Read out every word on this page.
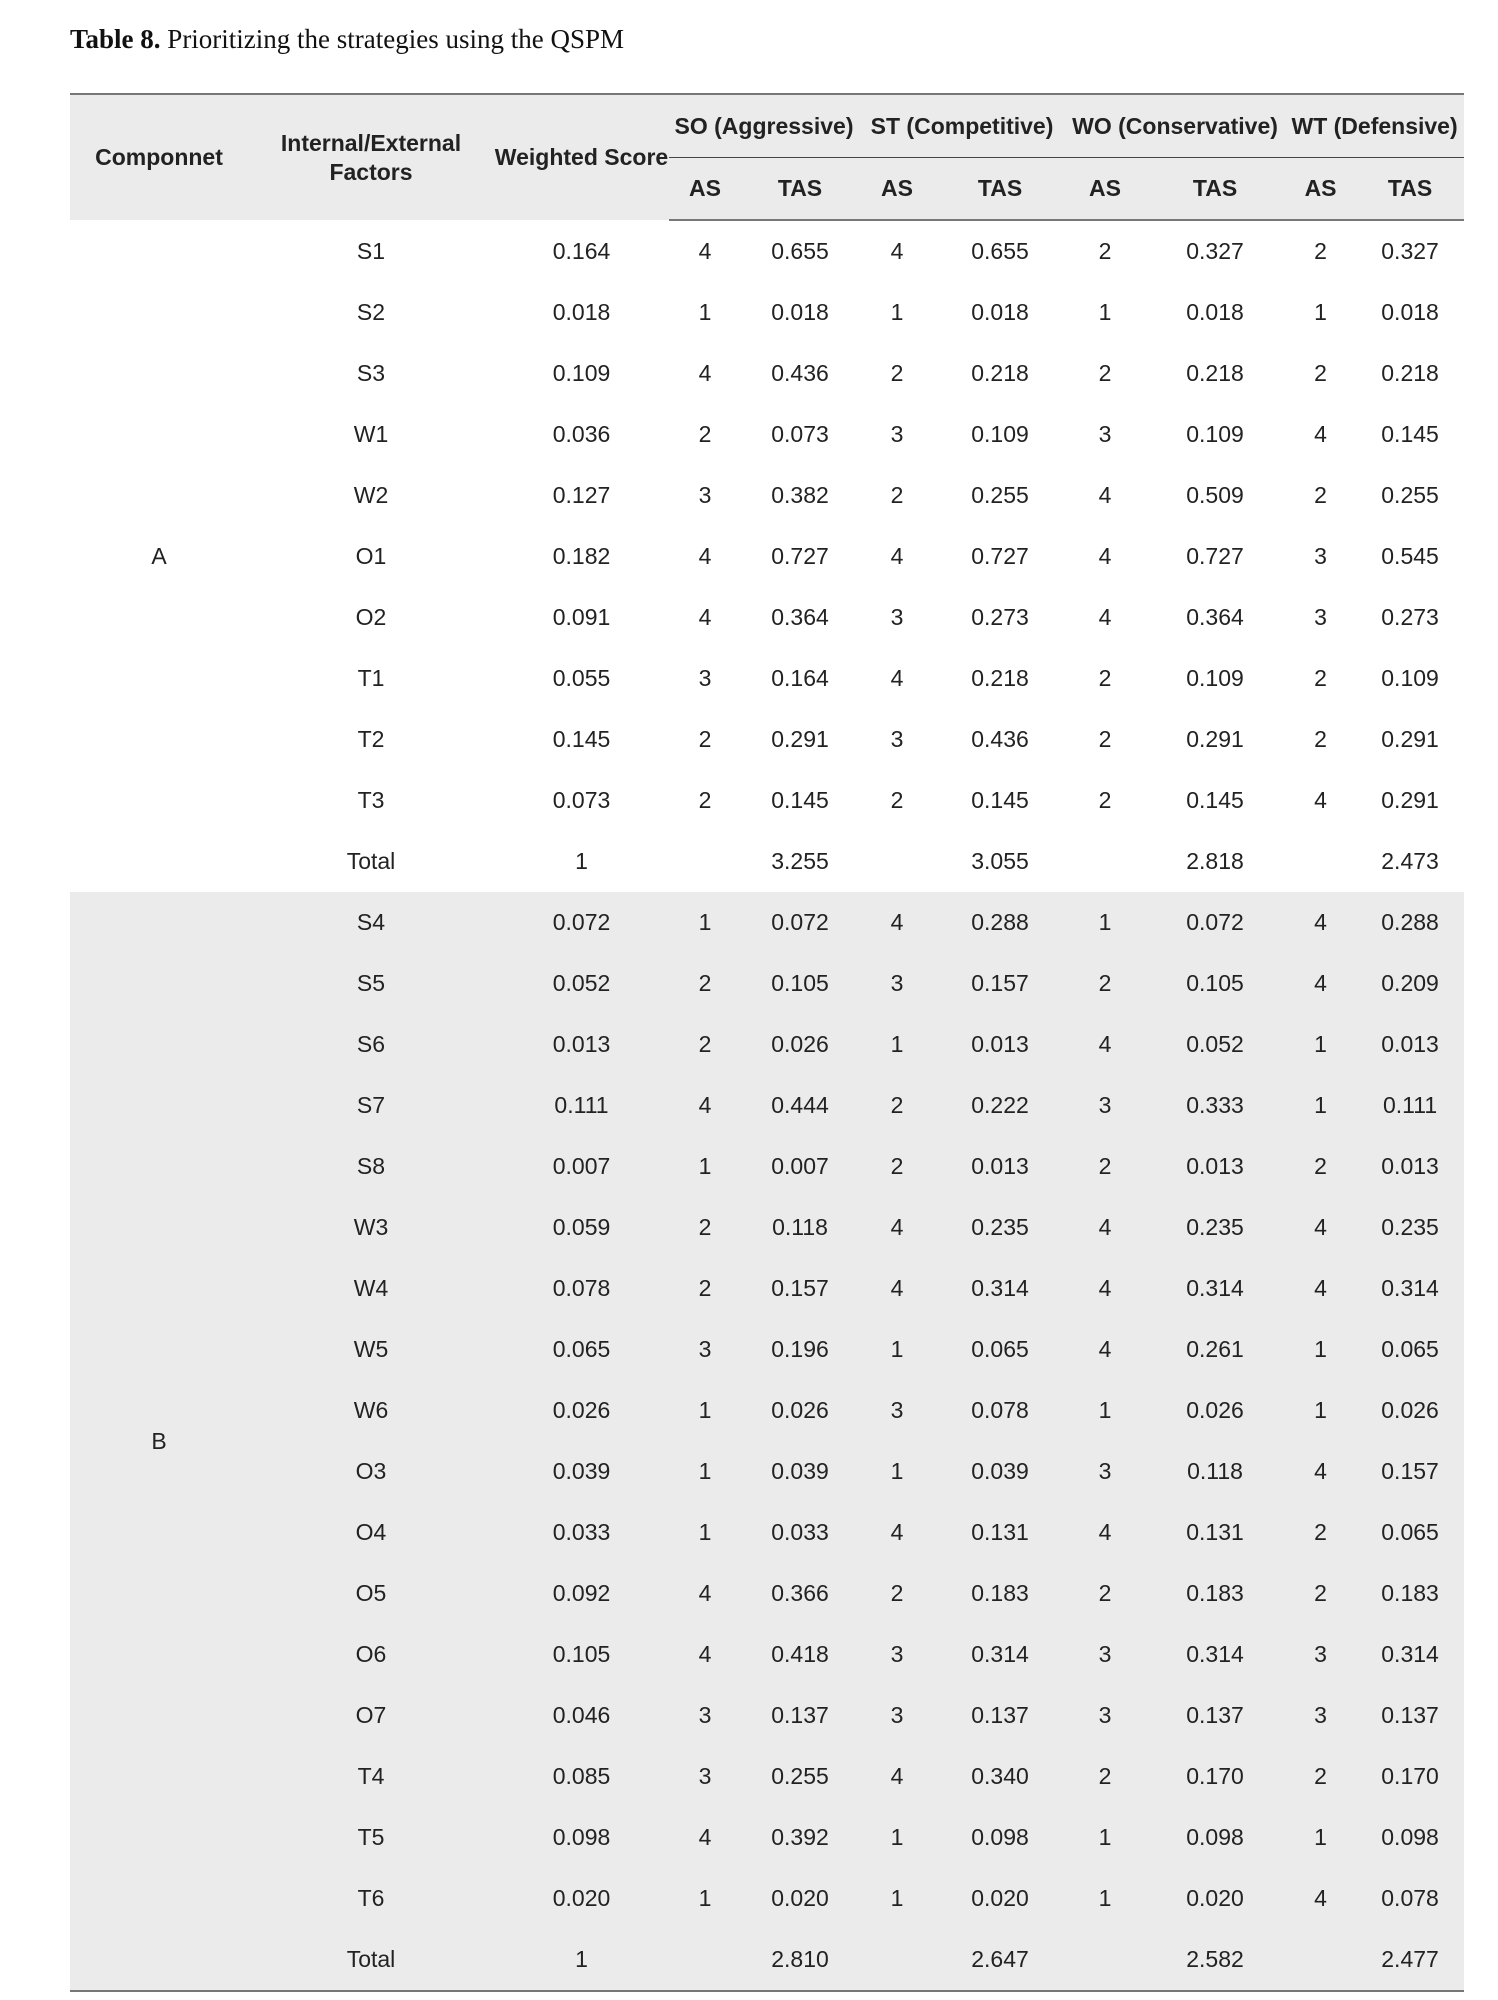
Table 8. Prioritizing the strategies using the QSPM
Componnet	Internal/External Factors	Weighted Score	SO (Aggressive)		ST (Competitive)		WO (Conservative)		WT (Defensive)	
			AS	TAS	AS	TAS	AS	TAS	AS	TAS
A	S1	0.164	4	0.655	4	0.655	2	0.327	2	0.327
	S2	0.018	1	0.018	1	0.018	1	0.018	1	0.018
	S3	0.109	4	0.436	2	0.218	2	0.218	2	0.218
	W1	0.036	2	0.073	3	0.109	3	0.109	4	0.145
	W2	0.127	3	0.382	2	0.255	4	0.509	2	0.255
	O1	0.182	4	0.727	4	0.727	4	0.727	3	0.545
	O2	0.091	4	0.364	3	0.273	4	0.364	3	0.273
	T1	0.055	3	0.164	4	0.218	2	0.109	2	0.109
	T2	0.145	2	0.291	3	0.436	2	0.291	2	0.291
	T3	0.073	2	0.145	2	0.145	2	0.145	4	0.291
	Total	1		3.255		3.055		2.818		2.473
B	S4	0.072	1	0.072	4	0.288	1	0.072	4	0.288
	S5	0.052	2	0.105	3	0.157	2	0.105	4	0.209
	S6	0.013	2	0.026	1	0.013	4	0.052	1	0.013
	S7	0.111	4	0.444	2	0.222	3	0.333	1	0.111
	S8	0.007	1	0.007	2	0.013	2	0.013	2	0.013
	W3	0.059	2	0.118	4	0.235	4	0.235	4	0.235
	W4	0.078	2	0.157	4	0.314	4	0.314	4	0.314
	W5	0.065	3	0.196	1	0.065	4	0.261	1	0.065
	W6	0.026	1	0.026	3	0.078	1	0.026	1	0.026
	O3	0.039	1	0.039	1	0.039	3	0.118	4	0.157
	O4	0.033	1	0.033	4	0.131	4	0.131	2	0.065
	O5	0.092	4	0.366	2	0.183	2	0.183	2	0.183
	O6	0.105	4	0.418	3	0.314	3	0.314	3	0.314
	O7	0.046	3	0.137	3	0.137	3	0.137	3	0.137
	T4	0.085	3	0.255	4	0.340	2	0.170	2	0.170
	T5	0.098	4	0.392	1	0.098	1	0.098	1	0.098
	T6	0.020	1	0.020	1	0.020	1	0.020	4	0.078
	Total	1		2.810		2.647		2.582		2.477
